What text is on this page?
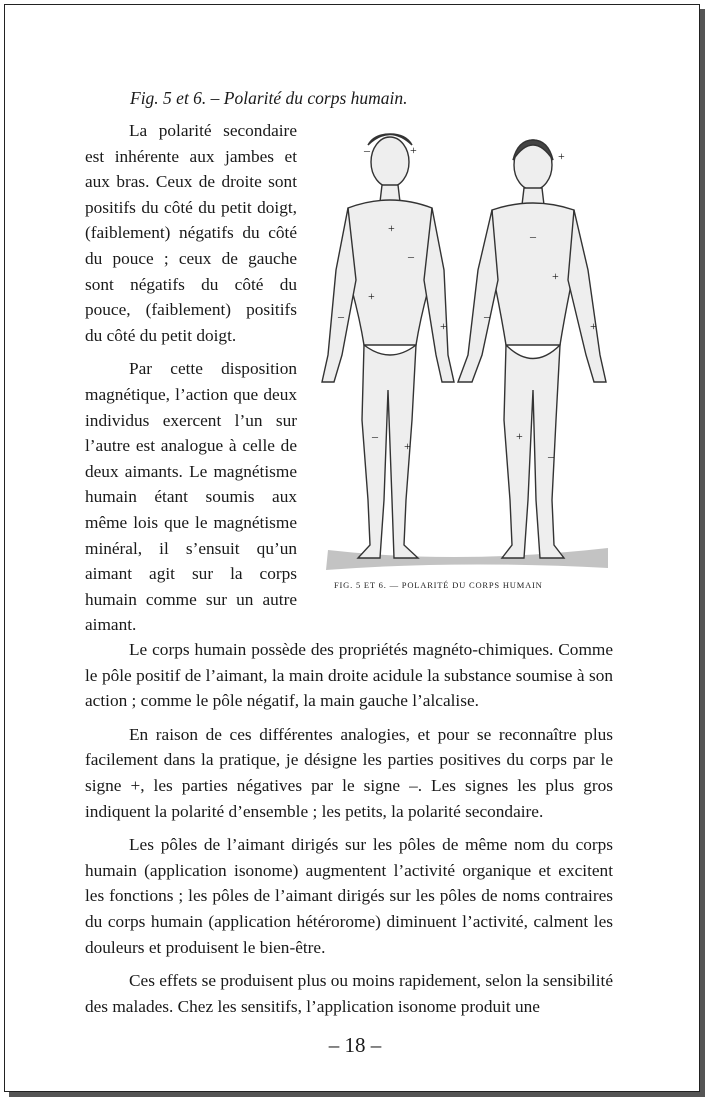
Fig. 5 et 6. – Polarité du corps humain.

La polarité secondaire est inhérente aux jambes et aux bras. Ceux de droite sont positifs du côté du petit doigt, (faiblement) négatifs du côté du pouce ; ceux de gauche sont négatifs du côté du pouce, (faiblement) positifs du côté du petit doigt.

Par cette disposition magnétique, l’action que deux individus exercent l’un sur l’autre est analogue à celle de deux aimants. Le magnétisme humain étant soumis aux même lois que le magnétisme minéral, il s’ensuit qu’un aimant agit sur la corps humain comme sur un autre aimant.

+
–
+
–
+
–
+
–
+
+
–
+
–
+
+
–
FIG. 5 ET 6. — POLARITÉ DU CORPS HUMAIN

Le corps humain possède des propriétés magnéto-chimiques. Comme le pôle positif de l’aimant, la main droite acidule la substance soumise à son action ; comme le pôle négatif, la main gauche l’alcalise.

En raison de ces différentes analogies, et pour se reconnaître plus facilement dans la pratique, je désigne les parties positives du corps par le signe +, les parties négatives par le signe –. Les signes les plus gros indiquent la polarité d’ensemble ; les petits, la polarité secondaire.

Les pôles de l’aimant dirigés sur les pôles de même nom du corps humain (application isonome) augmentent l’activité organique et excitent les fonctions ; les pôles de l’aimant dirigés sur les pôles de noms contraires du corps humain (application hétérorome) diminuent l’activité, calment les douleurs et produisent le bien-être.

Ces effets se produisent plus ou moins rapidement, selon la sensibilité des malades. Chez les sensitifs, l’application isonome produit une

– 18 –
